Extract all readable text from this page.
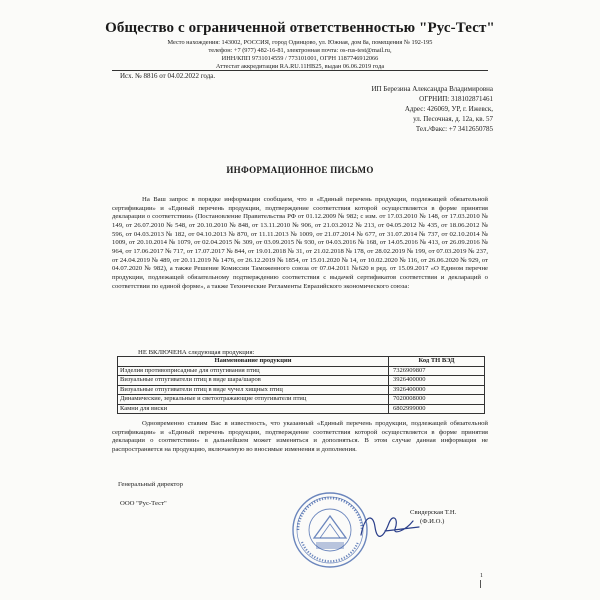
Общество с ограниченной ответственностью "Рус-Тест"
Место нахождения: 143002, РОССИЯ, город Одинцово, ул. Южная, дом 8а, помещения № 192-195
телефон: +7 (977) 482-16-81, электронная почта: os-rus-test@mail.ru,
ИНН/КПП 9731014559 / 773101001, ОГРН 1187746912066
Аттестат аккредитации RA.RU.11НВ25, выдан 06.06.2019 года
Исх. № 8816 от 04.02.2022 года.
ИП Березина Александра Владимировна
ОГРНИП: 318102871461
Адрес: 426069, УР, г. Ижевск,
ул. Песочная, д. 12а, кв. 57
Тел./Факс: +7 3412650785
ИНФОРМАЦИОННОЕ ПИСЬМО
На Ваш запрос в порядке информации сообщаем, что в «Единый перечень продукции, подлежащей обязательной сертификации» и «Единый перечень продукции, подтверждение соответствия которой осуществляется в форме принятия декларации о соответствии» (Постановление Правительства РФ от 01.12.2009 № 982; с изм. от 17.03.2010 № 148, от 17.03.2010 № 149, от 26.07.2010 № 548, от 20.10.2010 № 848, от 13.11.2010 № 906, от 21.03.2012 № 213, от 04.05.2012 № 435, от 18.06.2012 № 596, от 04.03.2013 № 182, от 04.10.2013 № 870, от 11.11.2013 № 1009, от 21.07.2014 № 677, от 31.07.2014 № 737, от 02.10.2014 № 1009, от 20.10.2014 № 1079, от 02.04.2015 № 309, от 03.09.2015 № 930, от 04.03.2016 № 168, от 14.05.2016 № 413, от 26.09.2016 № 964, от 17.06.2017 № 717, от 17.07.2017 № 844, от 19.01.2018 № 31, от 21.02.2018 № 178, от 28.02.2019 № 199, от 07.03.2019 № 237, от 24.04.2019 № 489, от 20.11.2019 № 1476, от 26.12.2019 № 1854, от 15.01.2020 № 14, от 10.02.2020 № 116, от 26.06.2020 № 929, от 04.07.2020 № 982), а также Решение Комиссии Таможенного союза от 07.04.2011 №620 в ред. от 15.09.2017 «О Едином перечне продукции, подлежащей обязательному подтверждению соответствия с выдачей сертификатов соответствия и деклараций о соответствии по единой форме», а также Технические Регламенты Евразийского экономического союза:
НЕ ВКЛЮЧЕНА следующая продукция:
Наименование продукции	Код ТН ВЭД
Изделия противоприсадные для отпугивания птиц	7326909807
Визуальные отпугиватели птиц в виде шара/шаров	3926400000
Визуальные отпугиватели птиц в виде чучел хищных птиц	3926400000
Динамические, зеркальные и светоотражающие отпугиватели птиц	7020008000
Камни для виски	6802999000
Одновременно ставим Вас в известность, что указанный «Единый перечень продукции, подлежащей обязательной сертификации» и «Единый перечень продукции, подтверждение соответствия которой осуществляется в форме принятия декларации о соответствии» в дальнейшем может изменяться и дополняться. В этом случае данная информация не распространяется на продукцию, включаемую во вносимые изменения и дополнения.
Генеральный директор
ООО "Рус-Тест"
Свидерская Т.Н.
(Ф.И.О.)
1
